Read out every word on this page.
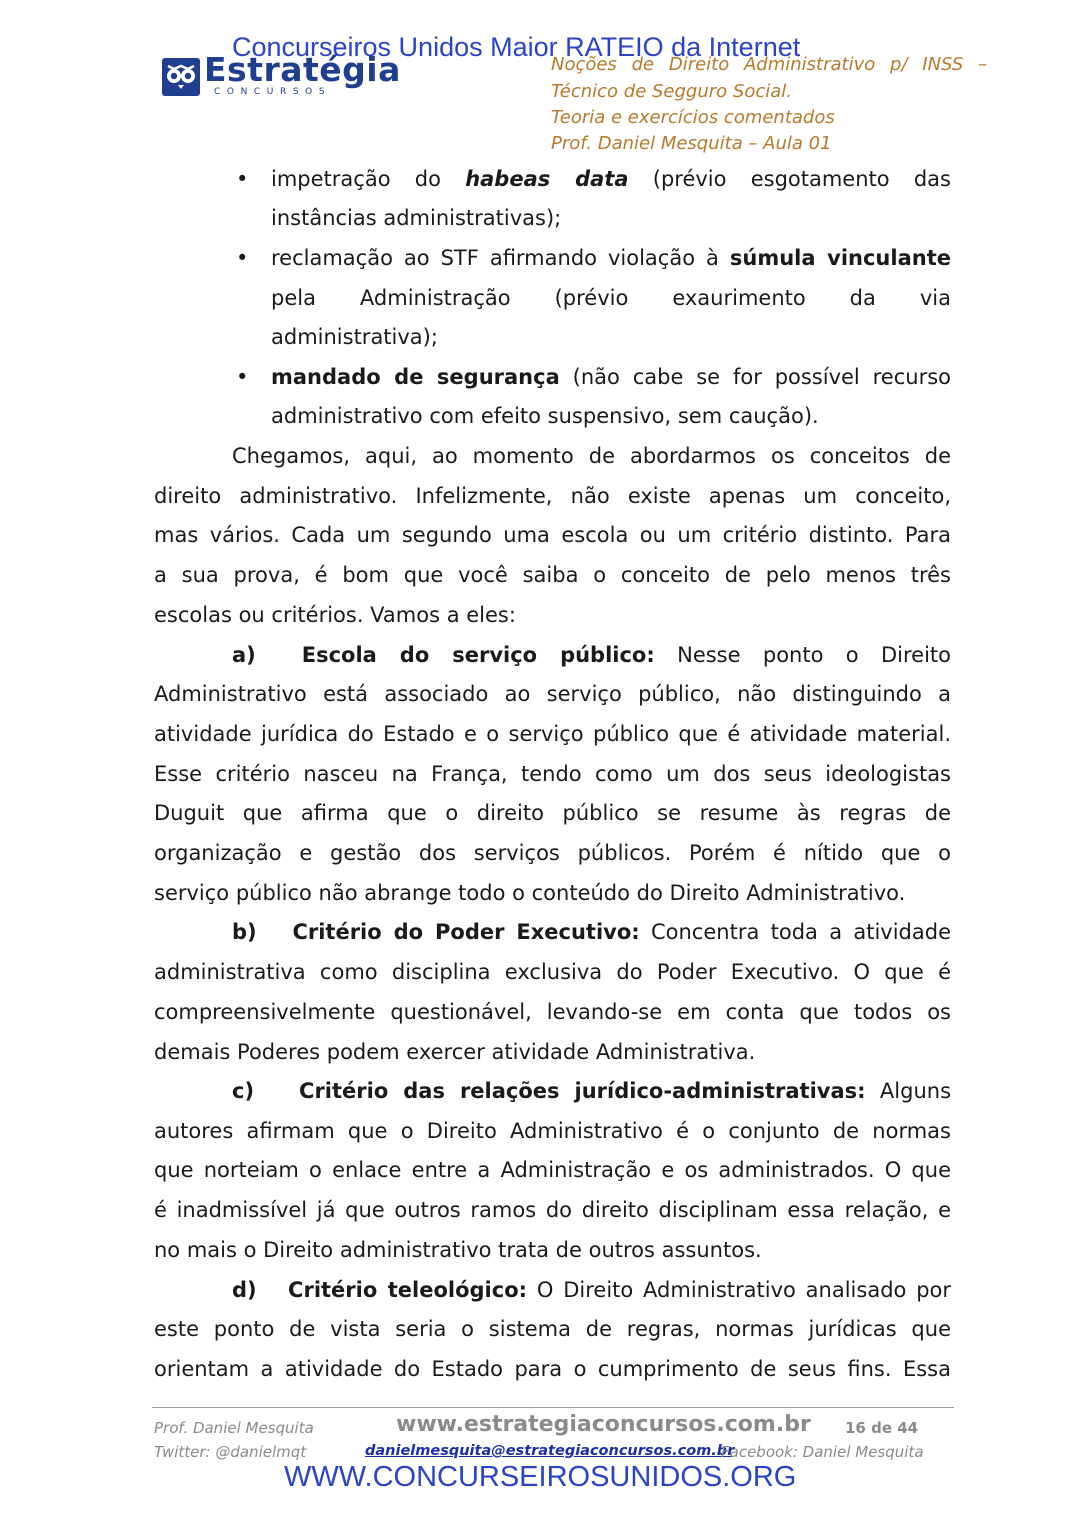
Concurseiros Unidos Maior RATEIO da Internet
Estratégia
CONCURSOS
Noções de Direito Administrativo p/ INSS –
Técnico de Segguro Social.
Teoria e exercícios comentados
Prof. Daniel Mesquita – Aula 01
• impetração do habeas data (prévio esgotamento das
instâncias administrativas);
• reclamação ao STF afirmando violação à súmula vinculante
pela Administração (prévio exaurimento da via
administrativa);
• mandado de segurança (não cabe se for possível recurso
administrativo com efeito suspensivo, sem caução).
Chegamos, aqui, ao momento de abordarmos os conceitos de
direito administrativo. Infelizmente, não existe apenas um conceito,
mas vários. Cada um segundo uma escola ou um critério distinto. Para
a sua prova, é bom que você saiba o conceito de pelo menos três
escolas ou critérios. Vamos a eles:
a) Escola do serviço público: Nesse ponto o Direito
Administrativo está associado ao serviço público, não distinguindo a
atividade jurídica do Estado e o serviço público que é atividade material.
Esse critério nasceu na França, tendo como um dos seus ideologistas
Duguit que afirma que o direito público se resume às regras de
organização e gestão dos serviços públicos. Porém é nítido que o
serviço público não abrange todo o conteúdo do Direito Administrativo.
b) Critério do Poder Executivo: Concentra toda a atividade
administrativa como disciplina exclusiva do Poder Executivo. O que é
compreensivelmente questionável, levando-se em conta que todos os
demais Poderes podem exercer atividade Administrativa.
c) Critério das relações jurídico-administrativas: Alguns
autores afirmam que o Direito Administrativo é o conjunto de normas
que norteiam o enlace entre a Administração e os administrados. O que
é inadmissível já que outros ramos do direito disciplinam essa relação, e
no mais o Direito administrativo trata de outros assuntos.
d) Critério teleológico: O Direito Administrativo analisado por
este ponto de vista seria o sistema de regras, normas jurídicas que
orientam a atividade do Estado para o cumprimento de seus fins. Essa
Prof. Daniel Mesquita	www.estrategiaconcursos.com.br 16 de 44
Twitter: @danielmqt	danielmesquita@estrategiaconcursos.com.br
Facebook: Daniel Mesquita
WWW.CONCURSEIROSUNIDOS.ORG
